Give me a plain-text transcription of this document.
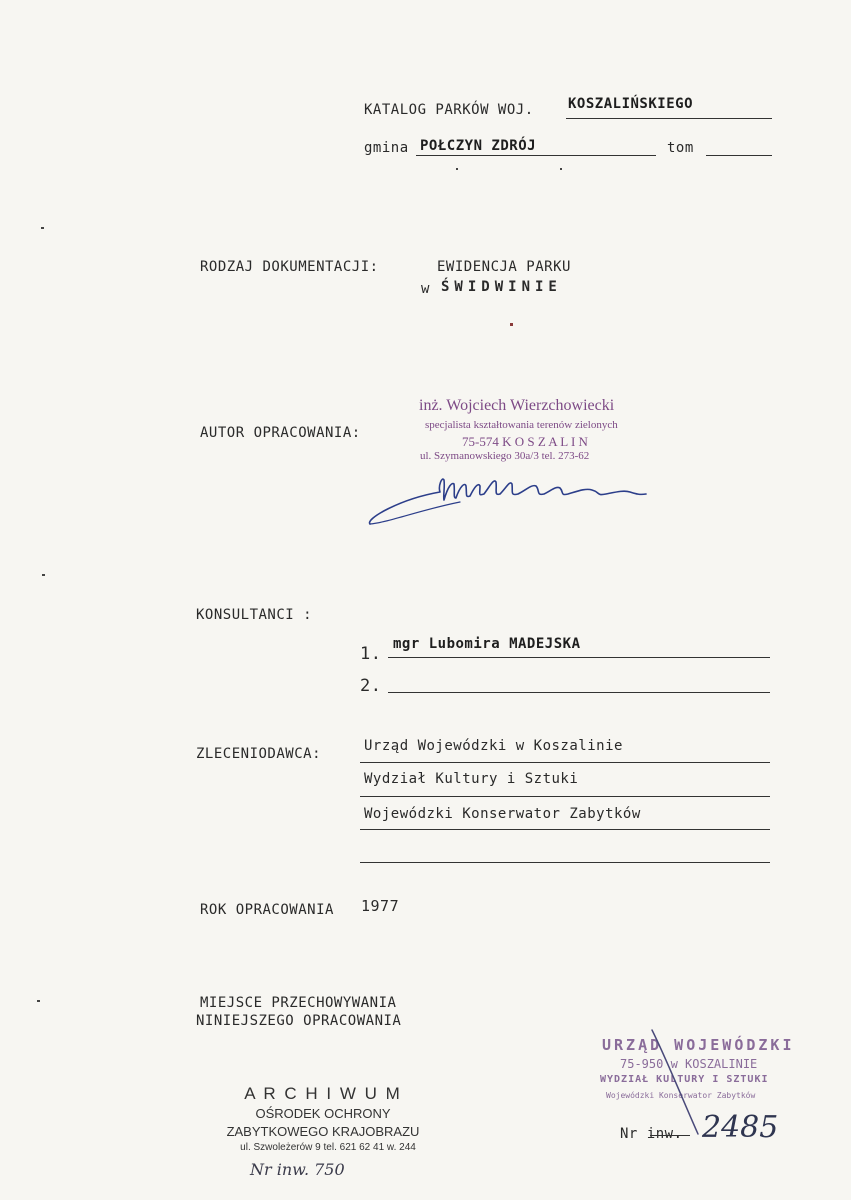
KATALOG PARKÓW WOJ. KOSZALIŃSKIEGO
gmina POŁCZYN ZDRÓJ	tom
RODZAJ DOKUMENTACJI:	EWIDENCJA PARKU
w ŚWIDWINIE
AUTOR OPRACOWANIA:
inż. Wojciech Wierzchowiecki
specjalista kształtowania terenów zielonych
75-574 K O S Z A L I N
ul. Szymanowskiego 30a/3 tel. 273-62
KONSULTANCI :
1. mgr Lubomira MADEJSKA
2.
ZLECENIODAWCA:	Urząd Wojewódzki w Koszalinie
Wydział Kultury i Sztuki
Wojewódzki Konserwator Zabytków
ROK OPRACOWANIA 1977
MIEJSCE PRZECHOWYWANIA
NINIEJSZEGO OPRACOWANIA
A R C H I W U M
OŚRODEK OCHRONY
ZABYTKOWEGO KRAJOBRAZU
ul. Szwoleżerów 9 tel. 621 62 41 w. 244
Nr inw. 750
URZĄD WOJEWÓDZKI
75-950 w KOSZALINIE
WYDZIAŁ KULTURY I SZTUKI
Wojewódzki Konserwator Zabytków
Nr inw. 2485
